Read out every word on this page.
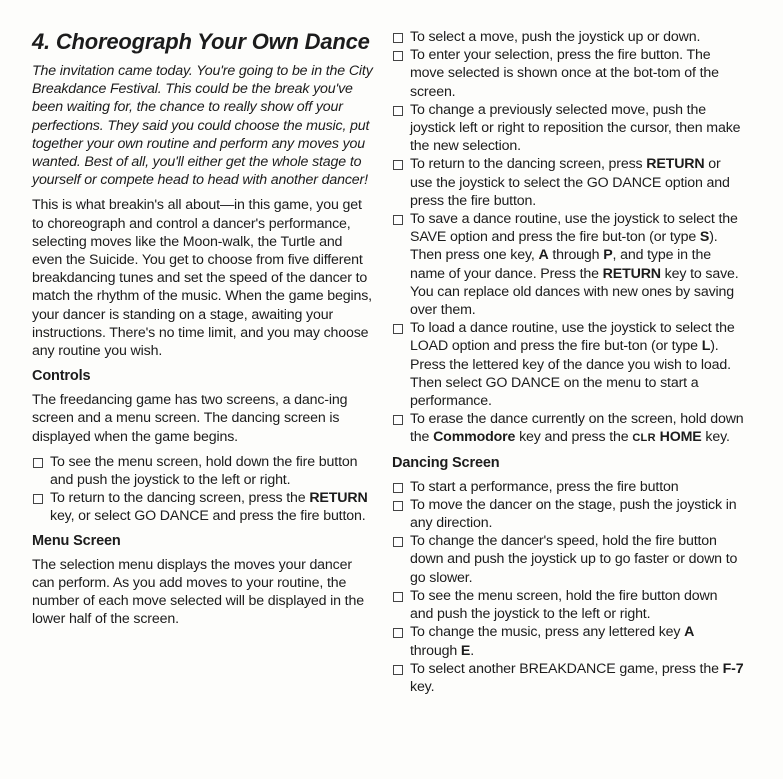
4. Choreograph Your Own Dance

The invitation came today. You're going to be in the City Breakdance Festival. This could be the break you've been waiting for, the chance to really show off your perfections. They said you could choose the music, put together your own routine and perform any moves you wanted. Best of all, you'll either get the whole stage to yourself or compete head to head with another dancer!

This is what breakin's all about—in this game, you get to choreograph and control a dancer's performance, selecting moves like the Moon-walk, the Turtle and even the Suicide. You get to choose from five different breakdancing tunes and set the speed of the dancer to match the rhythm of the music. When the game begins, your dancer is standing on a stage, awaiting your instructions. There's no time limit, and you may choose any routine you wish.

Controls

The freedancing game has two screens, a danc-ing screen and a menu screen. The dancing screen is displayed when the game begins.

To see the menu screen, hold down the fire button and push the joystick to the left or right.
To return to the dancing screen, press the RETURN key, or select GO DANCE and press the fire button.
Menu Screen

The selection menu displays the moves your dancer can perform. As you add moves to your routine, the number of each move selected will be displayed in the lower half of the screen.

To select a move, push the joystick up or down.
To enter your selection, press the fire button. The move selected is shown once at the bot-tom of the screen.
To change a previously selected move, push the joystick left or right to reposition the cursor, then make the new selection.
To return to the dancing screen, press RETURN or use the joystick to select the GO DANCE option and press the fire button.
To save a dance routine, use the joystick to select the SAVE option and press the fire but-ton (or type S). Then press one key, A through P, and type in the name of your dance. Press the RETURN key to save. You can replace old dances with new ones by saving over them.
To load a dance routine, use the joystick to select the LOAD option and press the fire but-ton (or type L). Press the lettered key of the dance you wish to load. Then select GO DANCE on the menu to start a performance.
To erase the dance currently on the screen, hold down the Commodore key and press the CLR HOME key.
Dancing Screen
To start a performance, press the fire button
To move the dancer on the stage, push the joystick in any direction.
To change the dancer's speed, hold the fire button down and push the joystick up to go faster or down to go slower.
To see the menu screen, hold the fire button down and push the joystick to the left or right.
To change the music, press any lettered key A through E.
To select another BREAKDANCE game, press the F-7 key.
